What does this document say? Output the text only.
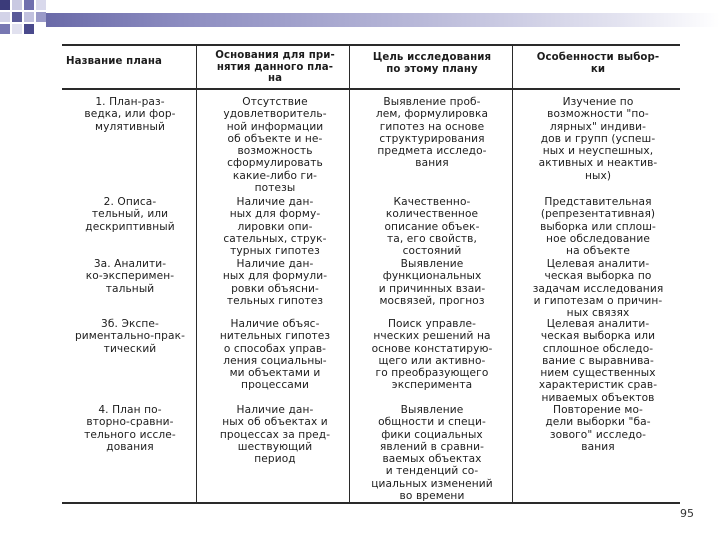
Название плана
Основания для при-
нятия данного пла-
на
Цель исследования
по этому плану
Особенности выбор-
ки
1. План-раз-
ведка, или фор-
мулятивный
Отсутствие
удовлетворитель-
ной информации
об объекте и не-
возможность
сформулировать
какие-либо ги-
потезы
Выявление проб-
лем, формулировка
гипотез на основе
структурирования
предмета исследо-
вания
Изучение по
возможности "по-
лярных" индиви-
дов и групп (успеш-
ных и неуспешных,
активных и неактив-
ных)
2. Описа-
тельный, или
дескриптивный
Наличие дан-
ных для форму-
лировки опи-
сательных, струк-
турных гипотез
Качественно-
количественное
описание объек-
та, его свойств,
состояний
Представительная
(репрезентативная)
выборка или сплош-
ное обследование
на объекте
3а. Аналити-
ко-эксперимен-
тальный
Наличие дан-
ных для формули-
ровки объясни-
тельных гипотез
Выявление
функциональных
и причинных взаи-
мосвязей, прогноз
Целевая аналити-
ческая выборка по
задачам исследования
и гипотезам о причин-
ных связях
3б. Экспе-
риментально-прак-
тический
Наличие объяс-
нительных гипотез
о способах управ-
ления социальны-
ми объектами и
процессами
Поиск управле-
нческих решений на
основе констатирую-
щего или активно-
го преобразующего
эксперимента
Целевая аналити-
ческая выборка или
сплошное обследо-
вание с выравнива-
нием существенных
характеристик срав-
ниваемых объектов
4. План по-
вторно-сравни-
тельного иссле-
дования
Наличие дан-
ных об объектах и
процессах за пред-
шествующий
период
Выявление
общности и специ-
фики социальных
явлений в сравни-
ваемых объектах
и тенденций со-
циальных изменений
во времени
Повторение мо-
дели выборки "ба-
зового" исследо-
вания
95
